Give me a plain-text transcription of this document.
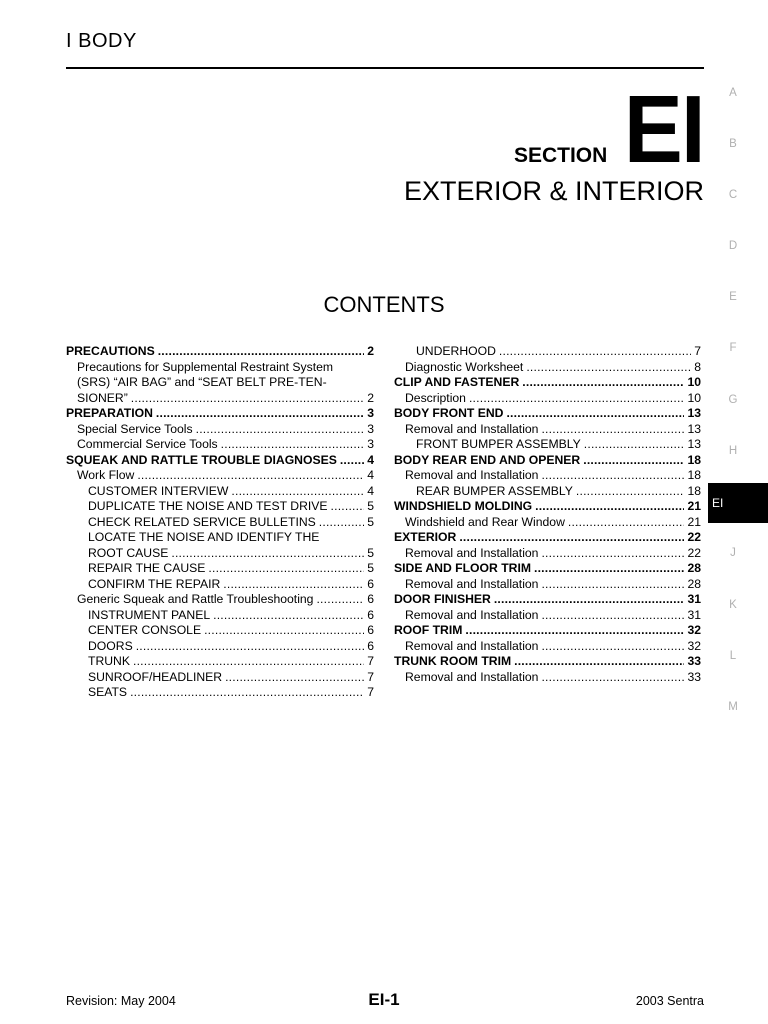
I BODY
SECTION EI
EXTERIOR & INTERIOR
CONTENTS
PRECAUTIONS .....	2
Precautions for Supplemental Restraint System
(SRS) “AIR BAG” and “SEAT BELT PRE-TEN-
SIONER” .....	2
PREPARATION .....	3
Special Service Tools .....	3
Commercial Service Tools .....	3
SQUEAK AND RATTLE TROUBLE DIAGNOSES ..... 4
Work Flow .....	4
CUSTOMER INTERVIEW .....	4
DUPLICATE THE NOISE AND TEST DRIVE .....	5
CHECK RELATED SERVICE BULLETINS .....	5
LOCATE THE NOISE AND IDENTIFY THE
ROOT CAUSE .....	5
REPAIR THE CAUSE .....	5
CONFIRM THE REPAIR .....	6
Generic Squeak and Rattle Troubleshooting .....	6
INSTRUMENT PANEL .....	6
CENTER CONSOLE .....	6
DOORS .....	6
TRUNK .....	7
SUNROOF/HEADLINER .....	7
SEATS .....	7
UNDERHOOD .....	7
Diagnostic Worksheet .....	8
CLIP AND FASTENER .....	10
Description .....	10
BODY FRONT END .....	13
Removal and Installation .....	13
FRONT BUMPER ASSEMBLY .....	13
BODY REAR END AND OPENER .....	18
Removal and Installation .....	18
REAR BUMPER ASSEMBLY .....	18
WINDSHIELD MOLDING .....	21
Windshield and Rear Window .....	21
EXTERIOR .....	22
Removal and Installation .....	22
SIDE AND FLOOR TRIM .....	28
Removal and Installation .....	28
DOOR FINISHER .....	31
Removal and Installation .....	31
ROOF TRIM .....	32
Removal and Installation .....	32
TRUNK ROOM TRIM .....	33
Removal and Installation .....	33
A
B
C
D
E
F
G
H
EI
J
K
L
M
Revision: May 2004	EI-1	2003 Sentra
